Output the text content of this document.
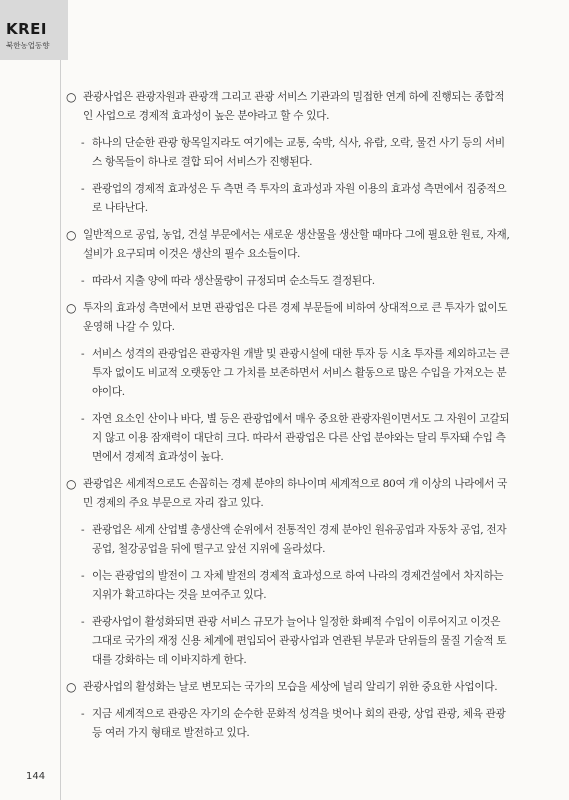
KREI
북한농업동향
○ 관광사업은 관광자원과 관광객 그리고 관광 서비스 기관과의 밀접한 연계 하에 진행되는 종합적인 사업으로 경제적 효과성이 높은 분야라고 할 수 있다.
- 하나의 단순한 관광 항목일지라도 여기에는 교통, 숙박, 식사, 유람, 오락, 물건 사기 등의 서비스 항목들이 하나로 결합 되어 서비스가 진행된다.
- 관광업의 경제적 효과성은 두 측면 즉 투자의 효과성과 자원 이용의 효과성 측면에서 집중적으로 나타난다.
○ 일반적으로 공업, 농업, 건설 부문에서는 새로운 생산물을 생산할 때마다 그에 필요한 원료, 자재, 설비가 요구되며 이것은 생산의 필수 요소들이다.
- 따라서 지출 양에 따라 생산물량이 규정되며 순소득도 결정된다.
○ 투자의 효과성 측면에서 보면 관광업은 다른 경제 부문들에 비하여 상대적으로 큰 투자가 없이도 운영해 나갈 수 있다.
- 서비스 성격의 관광업은 관광자원 개발 및 관광시설에 대한 투자 등 시초 투자를 제외하고는 큰 투자 없이도 비교적 오랫동안 그 가치를 보존하면서 서비스 활동으로 많은 수입을 가져오는 분야이다.
- 자연 요소인 산이나 바다, 별 등은 관광업에서 매우 중요한 관광자원이면서도 그 자원이 고갈되지 않고 이용 잠재력이 대단히 크다. 따라서 관광업은 다른 산업 분야와는 달리 투자돼 수입 측면에서 경제적 효과성이 높다.
○ 관광업은 세계적으로도 손꼽히는 경제 분야의 하나이며 세계적으로 80여 개 이상의 나라에서 국민 경제의 주요 부문으로 자리 잡고 있다.
- 관광업은 세계 산업별 총생산액 순위에서 전통적인 경제 분야인 원유공업과 자동차 공업, 전자공업, 철강공업을 뒤에 떨구고 앞선 지위에 올라섰다.
- 이는 관광업의 발전이 그 자체 발전의 경제적 효과성으로 하여 나라의 경제건설에서 차지하는 지위가 확고하다는 것을 보여주고 있다.
- 관광사업이 활성화되면 관광 서비스 규모가 늘어나 일정한 화폐적 수입이 이루어지고 이것은 그대로 국가의 재정 신용 체계에 편입되어 관광사업과 연관된 부문과 단위들의 물질 기술적 토대를 강화하는 데 이바지하게 한다.
○ 관광사업의 활성화는 날로 변모되는 국가의 모습을 세상에 널리 알리기 위한 중요한 사업이다.
- 지금 세계적으로 관광은 자기의 순수한 문화적 성격을 벗어나 회의 관광, 상업 관광, 체육 관광 등 여러 가지 형태로 발전하고 있다.
144
